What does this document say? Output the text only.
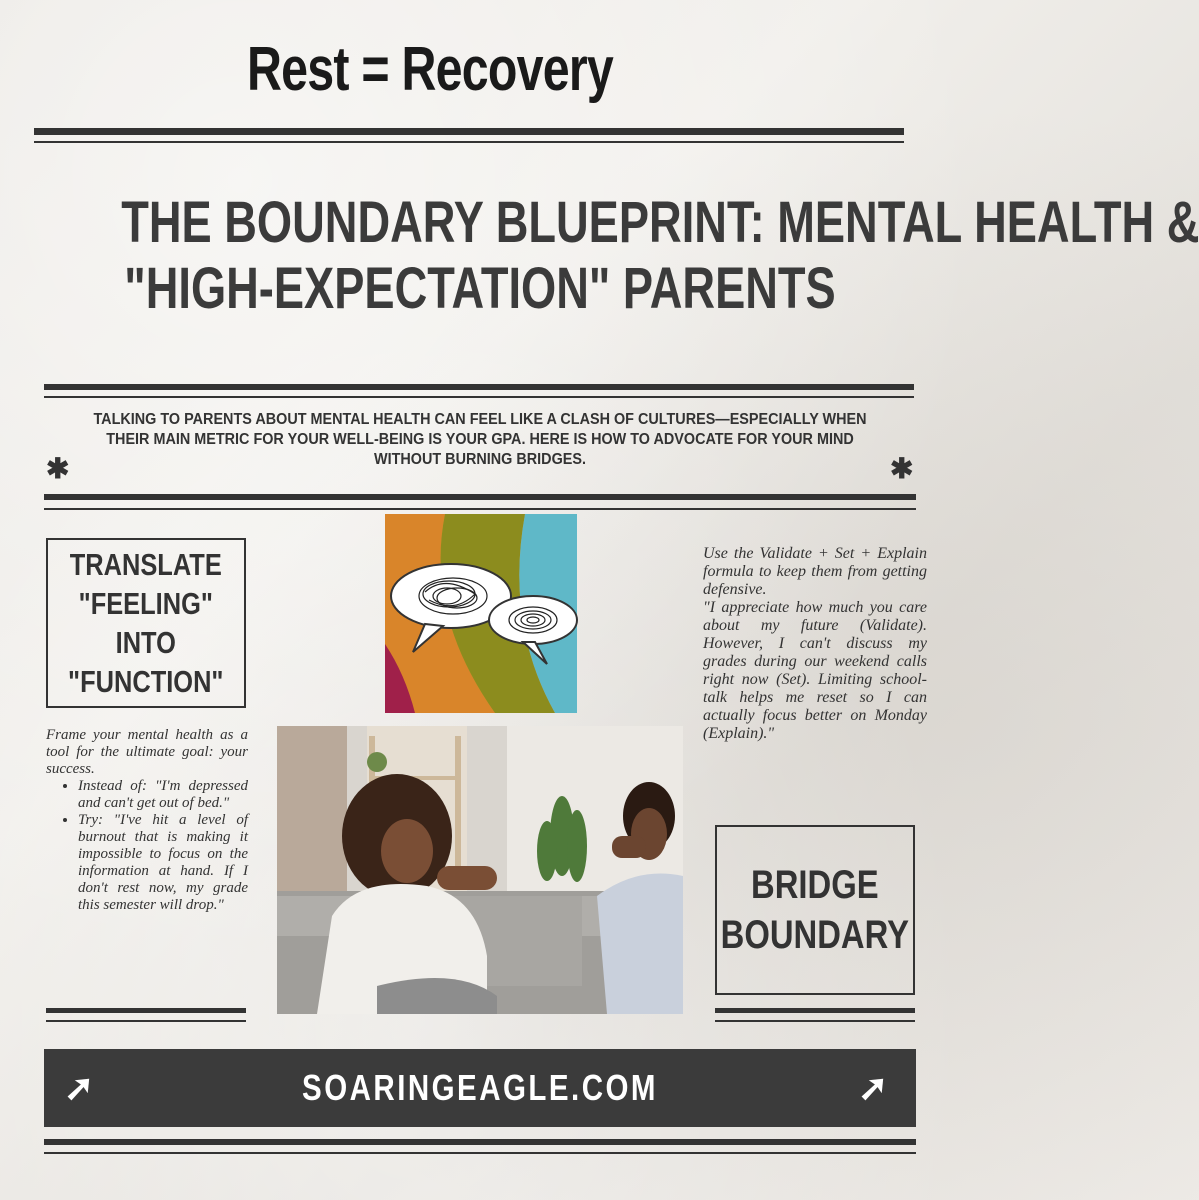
Rest = Recovery
THE BOUNDARY BLUEPRINT: MENTAL HEALTH &
"HIGH-EXPECTATION" PARENTS
TALKING TO PARENTS ABOUT MENTAL HEALTH CAN FEEL LIKE A CLASH OF CULTURES—ESPECIALLY WHEN
THEIR MAIN METRIC FOR YOUR WELL-BEING IS YOUR GPA. HERE IS HOW TO ADVOCATE FOR YOUR MIND
WITHOUT BURNING BRIDGES.
✱	✱
TRANSLATE
"FEELING"
INTO
"FUNCTION"
Frame your mental health as a tool for the ultimate goal: your success.
• Instead of: "I'm depressed and can't get out of bed."
• Try: "I've hit a level of burnout that is making it impossible to focus on the information at hand. If I don't rest now, my grade this semester will drop."
Use the Validate + Set + Explain formula to keep them from getting defensive.
"I appreciate how much you care about my future (Validate). However, I can't discuss my grades during our weekend calls right now (Set). Limiting school-talk helps me reset so I can actually focus better on Monday (Explain)."
BRIDGE
BOUNDARY
SOARINGEAGLE.COM
➚	➚
